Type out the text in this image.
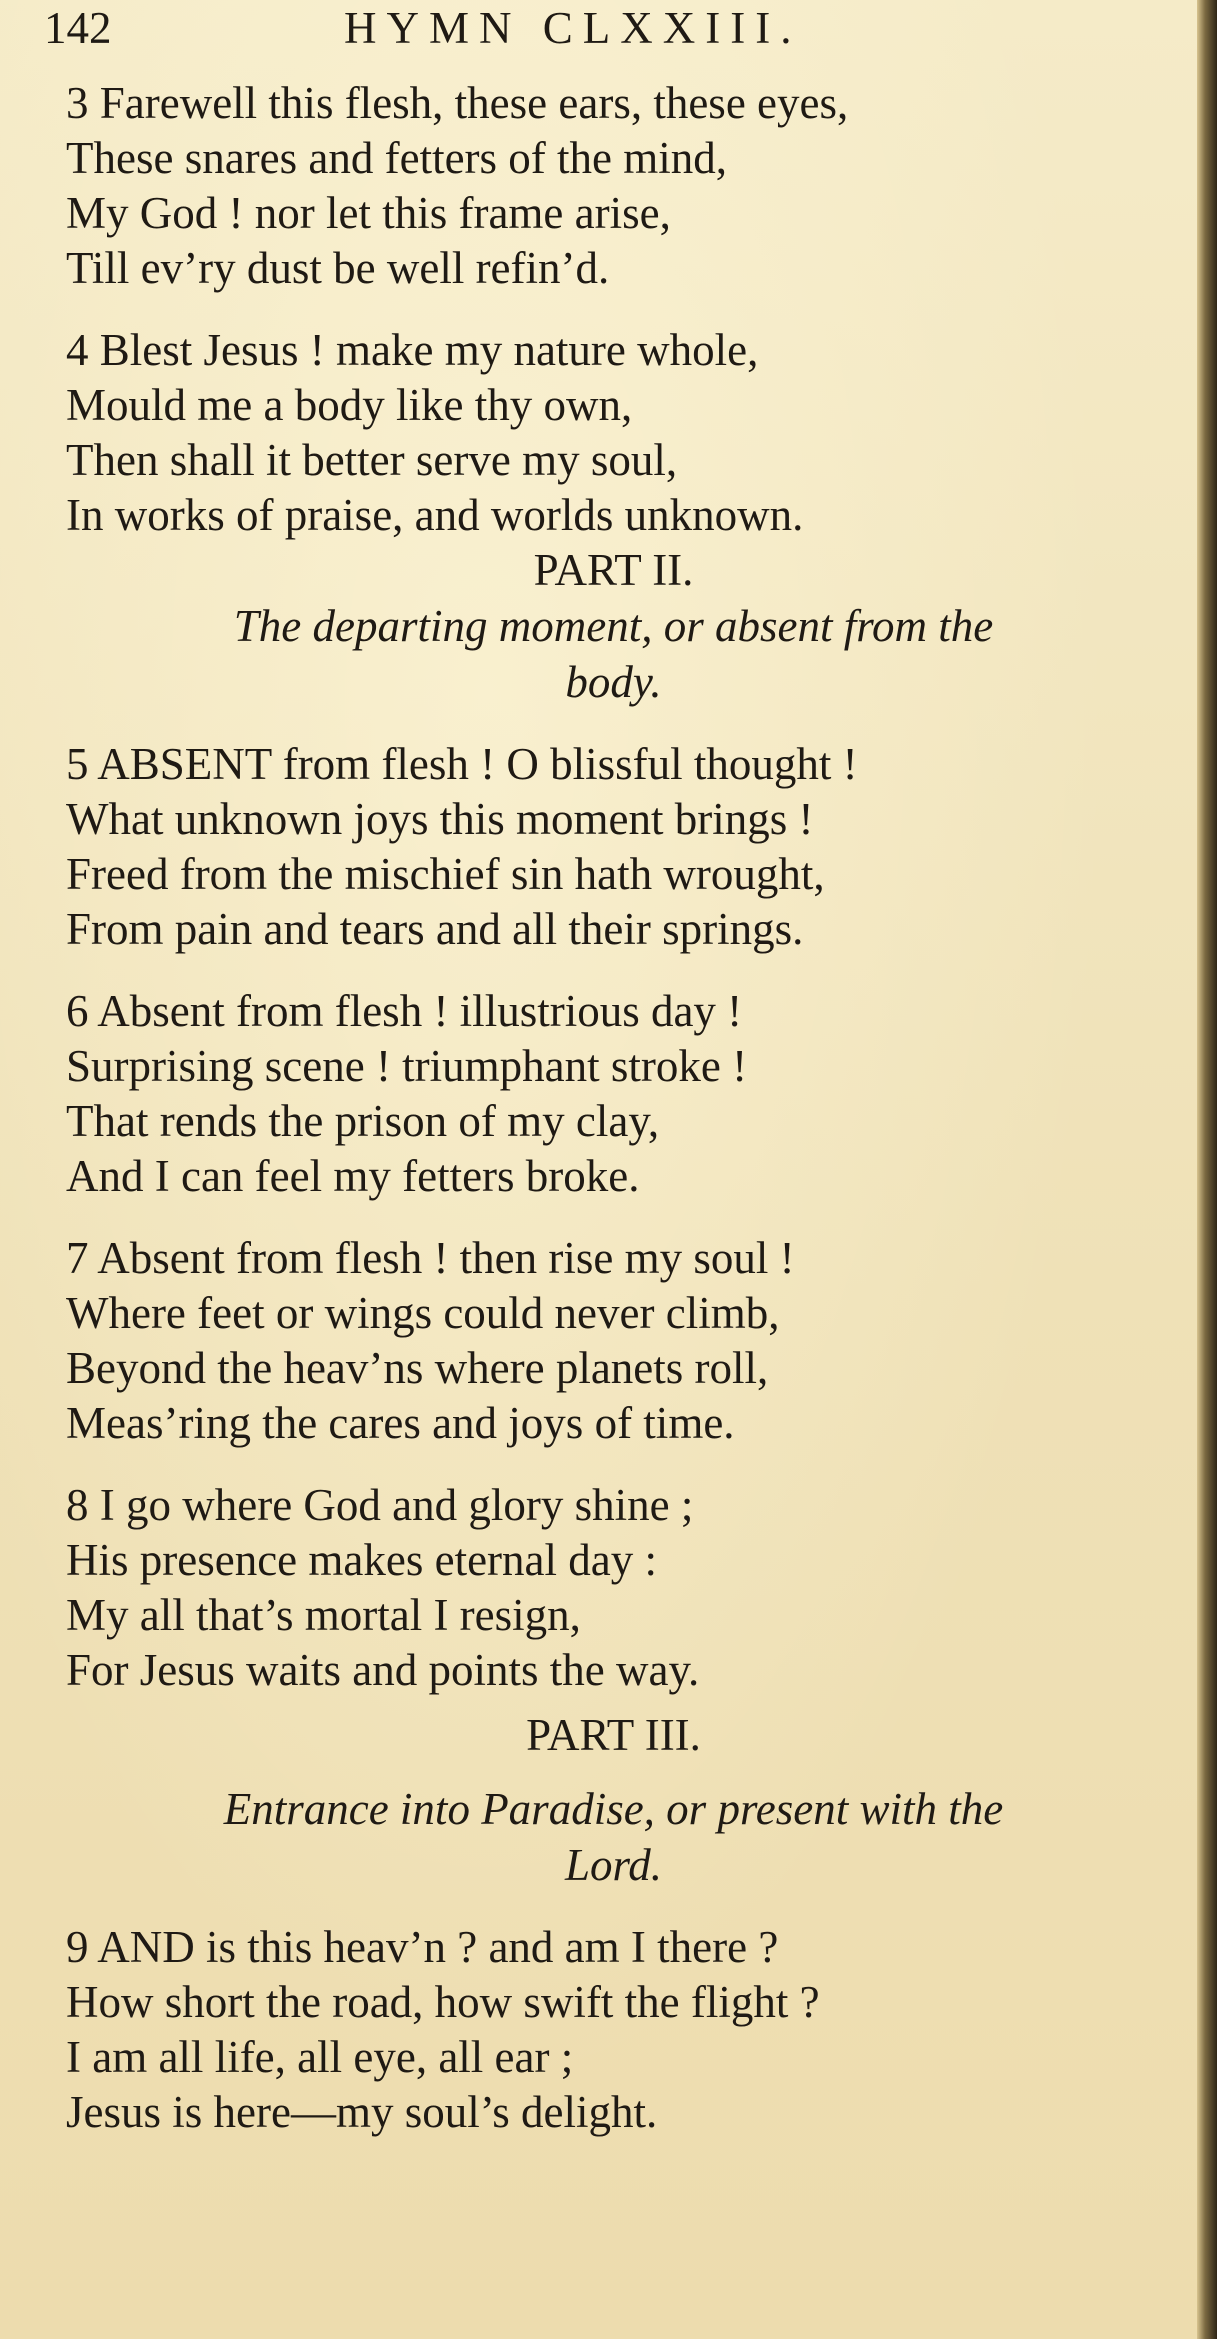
142	HYMN CLXXIII.
3 Farewell this flesh, these ears, these eyes,
These snares and fetters of the mind,
My God ! nor let this frame arise,
Till ev’ry dust be well refin’d.
4 Blest Jesus ! make my nature whole,
Mould me a body like thy own,
Then shall it better serve my soul,
In works of praise, and worlds unknown.
PART II.
The departing moment, or absent from the
body.
5 ABSENT from flesh ! O blissful thought !
What unknown joys this moment brings !
Freed from the mischief sin hath wrought,
From pain and tears and all their springs.
6 Absent from flesh ! illustrious day !
Surprising scene ! triumphant stroke !
That rends the prison of my clay,
And I can feel my fetters broke.
7 Absent from flesh ! then rise my soul !
Where feet or wings could never climb,
Beyond the heav’ns where planets roll,
Meas’ring the cares and joys of time.
8 I go where God and glory shine ;
His presence makes eternal day :
My all that’s mortal I resign,
For Jesus waits and points the way.
PART III.
Entrance into Paradise, or present with the
Lord.
9 AND is this heav’n ? and am I there ?
How short the road, how swift the flight ?
I am all life, all eye, all ear ;
Jesus is here—my soul’s delight.
